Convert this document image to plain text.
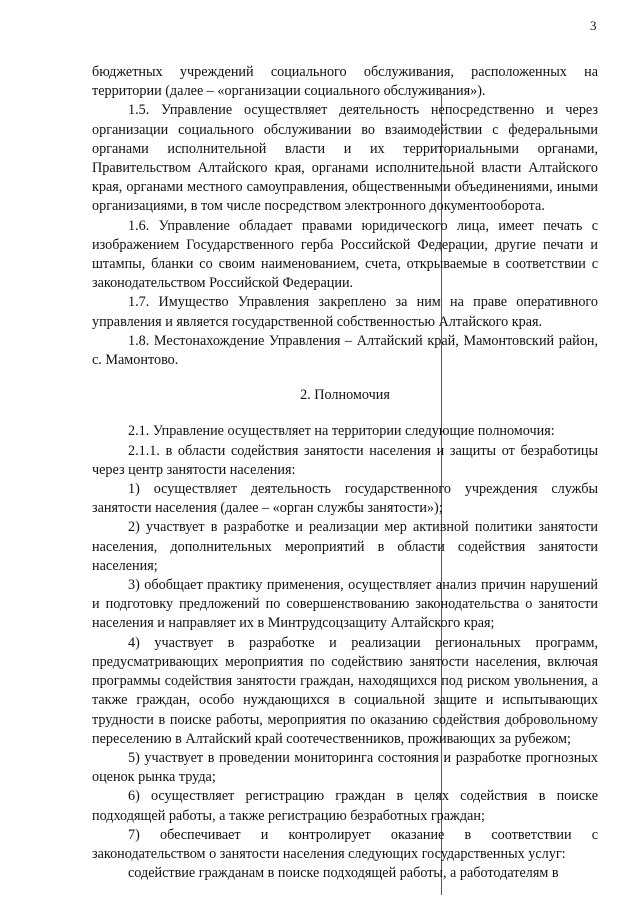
3

бюджетных учреждений социального обслуживания, расположенных на территории (далее – «организации социального обслуживания»).

1.5. Управление осуществляет деятельность непосредственно и через организации социального обслуживании во взаимодействии с федеральными органами исполнительной власти и их территориальными органами, Правительством Алтайского края, органами исполнительной власти Алтайского края, органами местного самоуправления, общественными объединениями, иными организациями, в том числе посредством электронного документооборота.

1.6. Управление обладает правами юридического лица, имеет печать с изображением Государственного герба Российской Федерации, другие печати и штампы, бланки со своим наименованием, счета, открываемые в соответствии с законодательством Российской Федерации.

1.7. Имущество Управления закреплено за ним на праве оперативного управления и является государственной собственностью Алтайского края.

1.8. Местонахождение Управления – Алтайский край, Мамонтовский район, с. Мамонтово.

2. Полномочия

2.1. Управление осуществляет на территории следующие полномочия:

2.1.1. в области содействия занятости населения и защиты от безработицы через центр занятости населения:

1) осуществляет деятельность государственного учреждения службы занятости населения (далее – «орган службы занятости»);

2) участвует в разработке и реализации мер активной политики занятости населения, дополнительных мероприятий в области содействия занятости населения;

3) обобщает практику применения, осуществляет анализ причин нарушений и подготовку предложений по совершенствованию законодательства о занятости населения и направляет их в Минтрудсоцзащиту Алтайского края;

4) участвует в разработке и реализации региональных программ, предусматривающих мероприятия по содействию занятости населения, включая программы содействия занятости граждан, находящихся под риском увольнения, а также граждан, особо нуждающихся в социальной защите и испытывающих трудности в поиске работы, мероприятия по оказанию содействия добровольному переселению в Алтайский край соотечественников, проживающих за рубежом;

5) участвует в проведении мониторинга состояния и разработке прогнозных оценок рынка труда;

6) осуществляет регистрацию граждан в целях содействия в поиске подходящей работы, а также регистрацию безработных граждан;

7) обеспечивает и контролирует оказание в соответствии с законодательством о занятости населения следующих государственных услуг:

содействие гражданам в поиске подходящей работы, а работодателям в
